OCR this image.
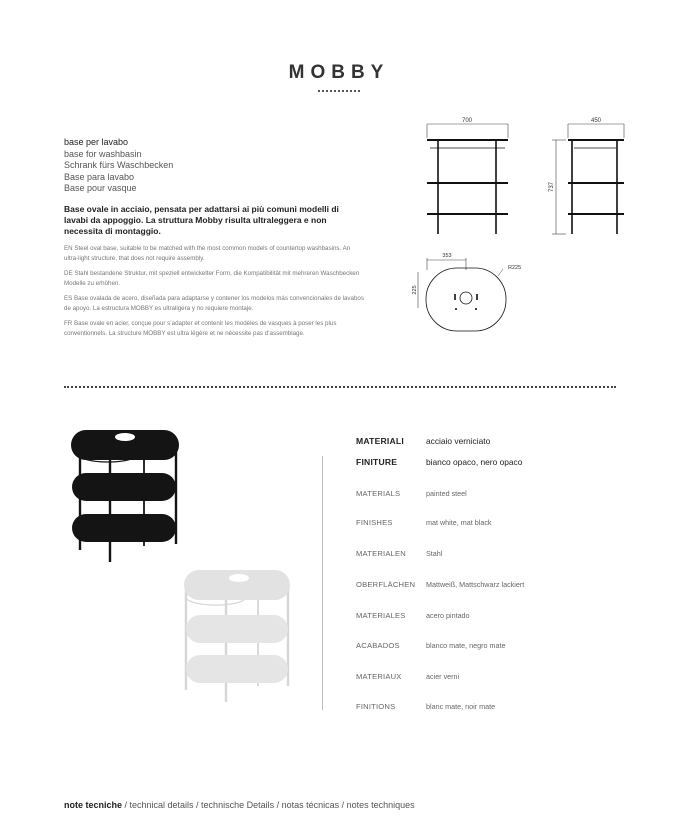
MOBBY
base per lavabo
base for washbasin
Schrank fürs Waschbecken
Base para lavabo
Base pour vasque
Base ovale in acciaio, pensata per adattarsi ai più comuni modelli di lavabi da appoggio. La struttura Mobby risulta ultraleggera e non necessita di montaggio.

EN Steel oval base, suitable to be matched with the most common models of countertop washbasins. An ultra-light structure, that does not require assembly.

DE Stahl bestandene Struktur, mit speziell entwickelter Form, die Kompatibilität mit mehreren Waschbecken Modelle zu erhöhen.

ES Base ovalada de acero, diseñada para adaptarse y contener los modelos más convencionales de lavabos de apoyo. La estructura MOBBY es ultraligera y no requiere montaje.

FR Base ovale en acier, conçue pour s’adapter et contenir les modèles de vasques à poser les plus conventionnels. La structure MOBBY est ultra légère et ne nécessite pas d’assemblage.

700	450
737
353
R225
225
MATERIALI	acciaio verniciato
FINITURE	bianco opaco, nero opaco
MATERIALS	painted steel
FINISHES	mat white, mat black
MATERIALEN	Stahl
OBERFLÄCHEN	Mattweiß, Mattschwarz lackiert
MATERIALES	acero pintado
ACABADOS	blanco mate, negro mate
MATERIAUX	acier verni
FINITIONS	blanc mate, noir mate
note tecniche / technical details / technische Details / notas técnicas / notes techniques
